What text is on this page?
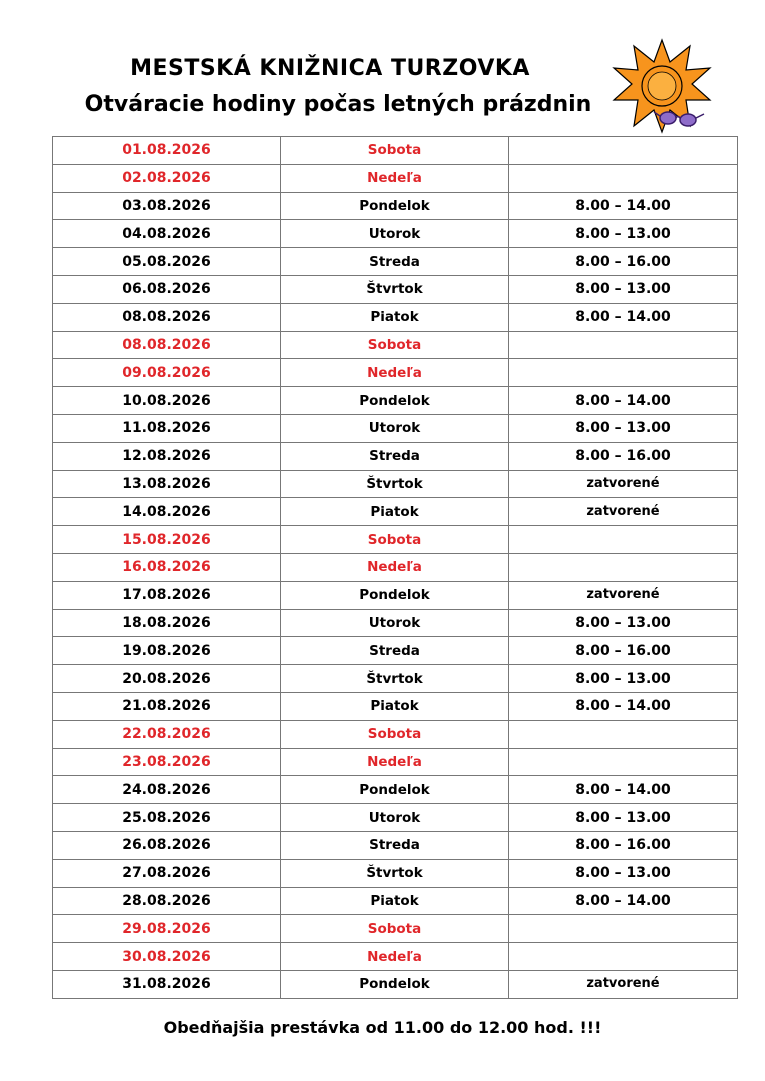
MESTSKÁ KNIŽNICA TURZOVKA
Otváracie hodiny počas letných prázdnin
01.08.2026	Sobota	
02.08.2026	Nedeľa	
03.08.2026	Pondelok	8.00 – 14.00
04.08.2026	Utorok	8.00 – 13.00
05.08.2026	Streda	8.00 – 16.00
06.08.2026	Štvrtok	8.00 – 13.00
08.08.2026	Piatok	8.00 – 14.00
08.08.2026	Sobota	
09.08.2026	Nedeľa	
10.08.2026	Pondelok	8.00 – 14.00
11.08.2026	Utorok	8.00 – 13.00
12.08.2026	Streda	8.00 – 16.00
13.08.2026	Štvrtok	zatvorené
14.08.2026	Piatok	zatvorené
15.08.2026	Sobota	
16.08.2026	Nedeľa	
17.08.2026	Pondelok	zatvorené
18.08.2026	Utorok	8.00 – 13.00
19.08.2026	Streda	8.00 – 16.00
20.08.2026	Štvrtok	8.00 – 13.00
21.08.2026	Piatok	8.00 – 14.00
22.08.2026	Sobota	
23.08.2026	Nedeľa	
24.08.2026	Pondelok	8.00 – 14.00
25.08.2026	Utorok	8.00 – 13.00
26.08.2026	Streda	8.00 – 16.00
27.08.2026	Štvrtok	8.00 – 13.00
28.08.2026	Piatok	8.00 – 14.00
29.08.2026	Sobota	
30.08.2026	Nedeľa	
31.08.2026	Pondelok	zatvorené
Obedňajšia prestávka od 11.00 do 12.00 hod. !!!
